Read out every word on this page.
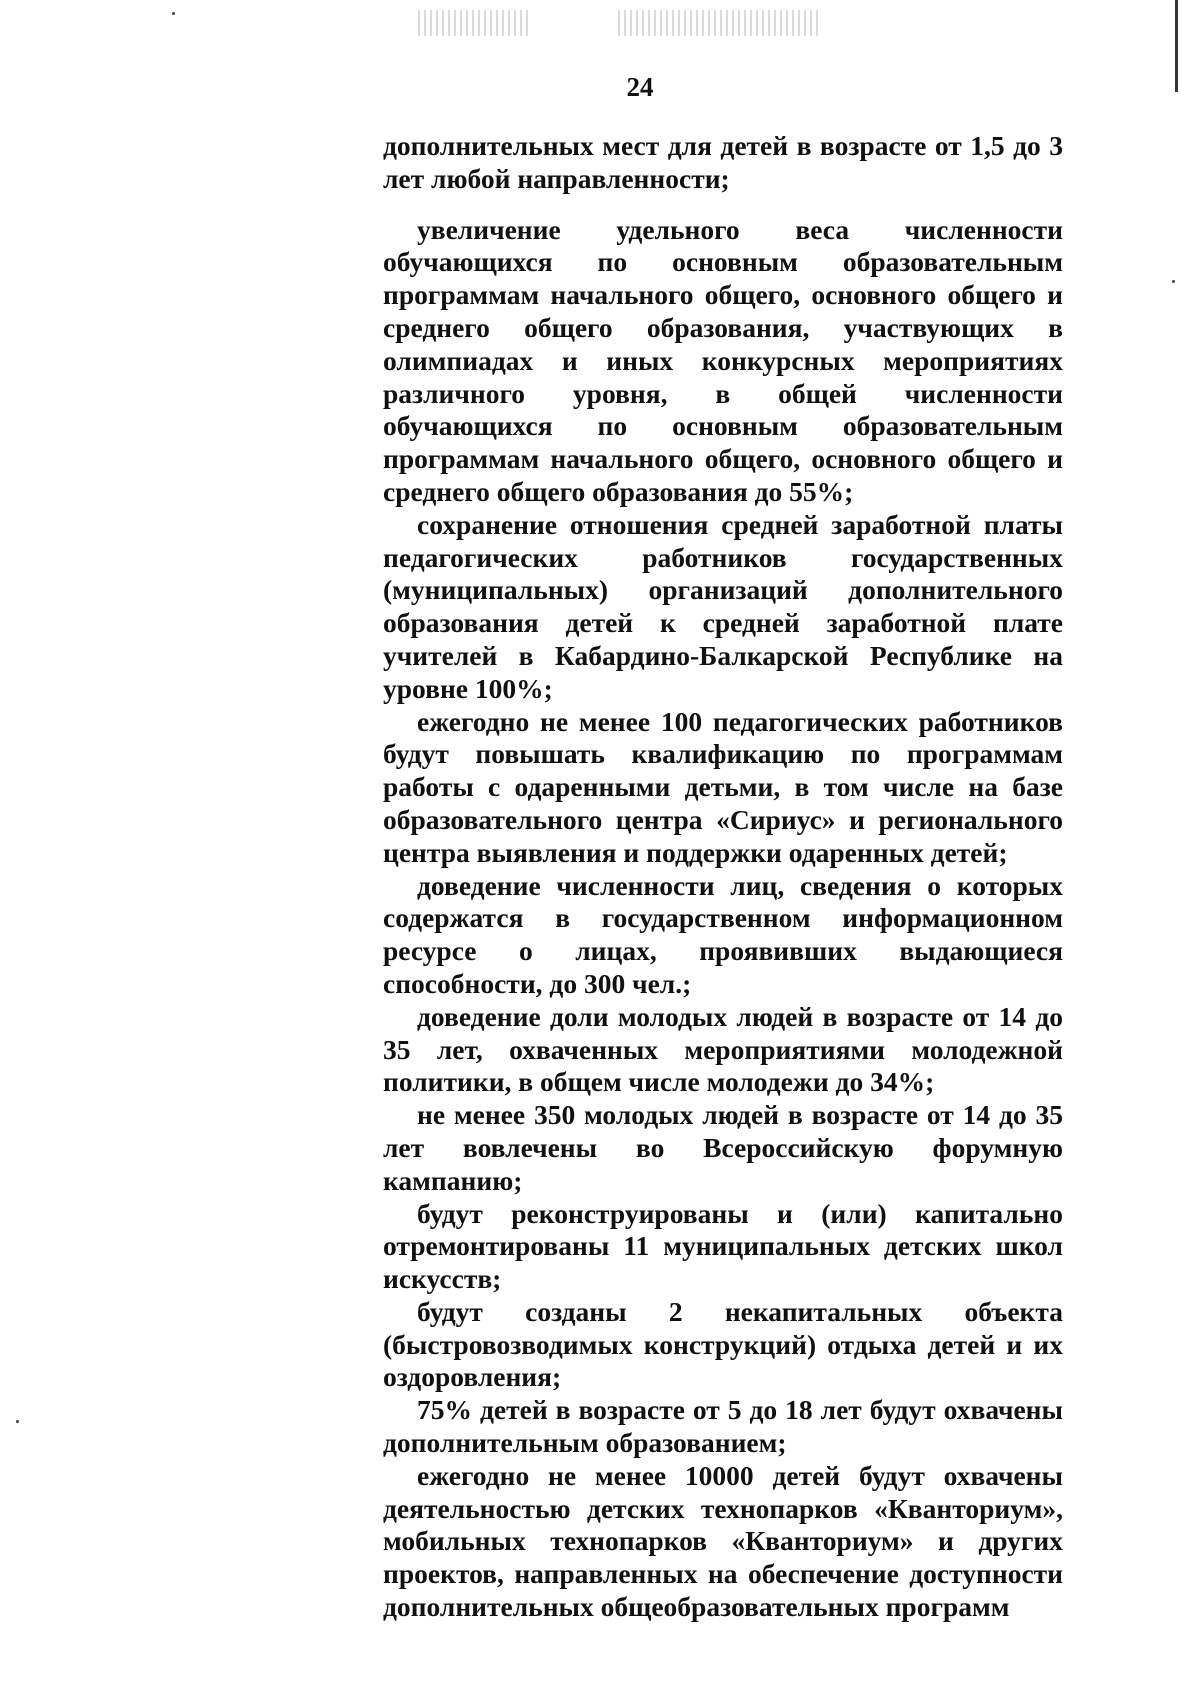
24

дополнительных мест для детей в возрасте от 1,5 до 3 лет любой направленности;

увеличение удельного веса численности обучающихся по основным образовательным программам начального общего, основного общего и среднего общего образования, участвующих в олимпиадах и иных конкурсных мероприятиях различного уровня, в общей численности обучающихся по основным образовательным программам начального общего, основного общего и среднего общего образования до 55%;

сохранение отношения средней заработной платы педагогических работников государственных (муниципальных) организаций дополнительного образования детей к средней заработной плате учителей в Кабардино-Балкарской Республике на уровне 100%;

ежегодно не менее 100 педагогических работников будут повышать квалификацию по программам работы с одаренными детьми, в том числе на базе образовательного центра «Сириус» и регионального центра выявления и поддержки одаренных детей;

доведение численности лиц, сведения о которых содержатся в государственном информационном ресурсе о лицах, проявивших выдающиеся способности, до 300 чел.;

доведение доли молодых людей в возрасте от 14 до 35 лет, охваченных мероприятиями молодежной политики, в общем числе молодежи до 34%;

не менее 350 молодых людей в возрасте от 14 до 35 лет вовлечены во Всероссийскую форумную кампанию;

будут реконструированы и (или) капитально отремонтированы 11 муниципальных детских школ искусств;

будут созданы 2 некапитальных объекта (быстровозводимых конструкций) отдыха детей и их оздоровления;

75% детей в возрасте от 5 до 18 лет будут охвачены дополнительным образованием;

ежегодно не менее 10000 детей будут охвачены деятельностью детских технопарков «Кванториум», мобильных технопарков «Кванториум» и других проектов, направленных на обеспечение доступности дополнительных общеобразовательных программ
